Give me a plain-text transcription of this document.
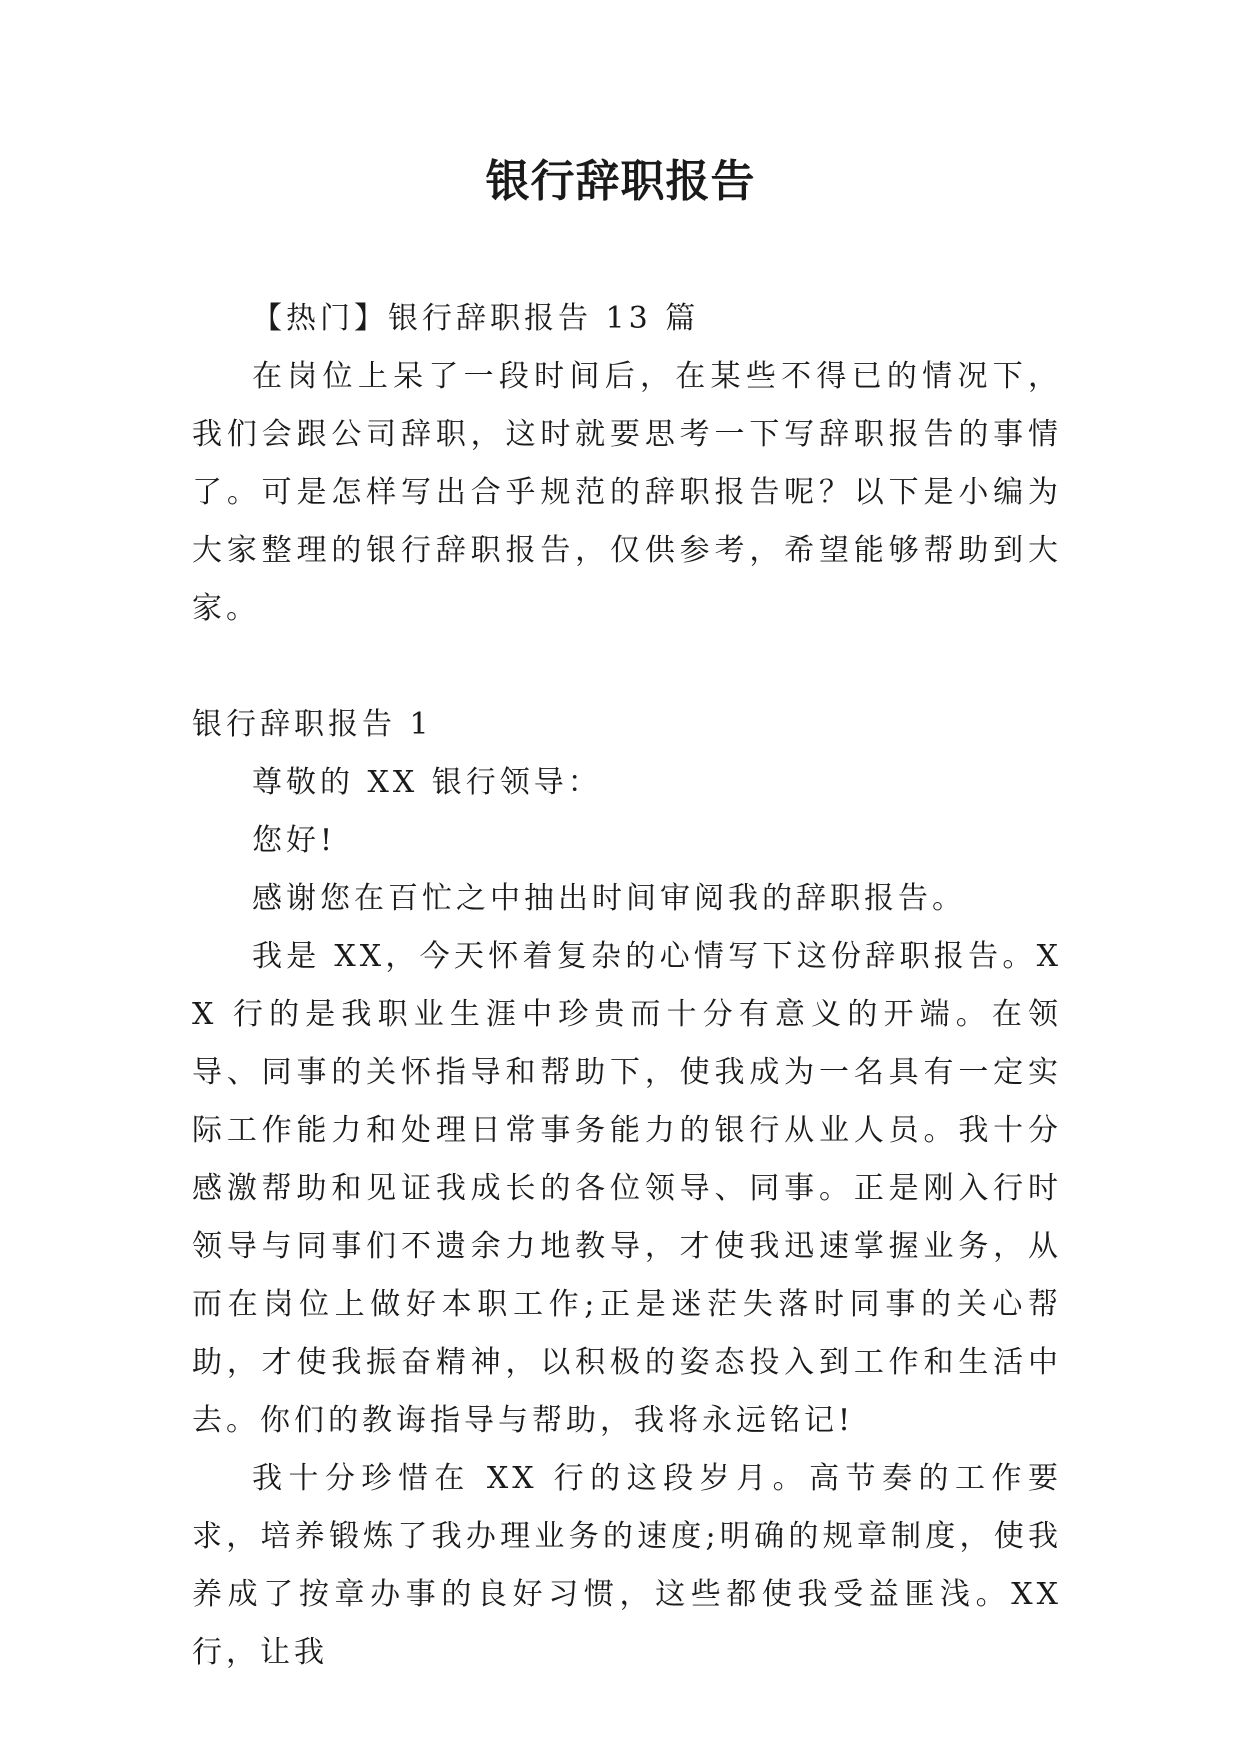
银行辞职报告

【热门】银行辞职报告 13 篇

在岗位上呆了一段时间后，在某些不得已的情况下，我们会跟公司辞职，这时就要思考一下写辞职报告的事情了。可是怎样写出合乎规范的辞职报告呢？以下是小编为大家整理的银行辞职报告，仅供参考，希望能够帮助到大家。

银行辞职报告 1

尊敬的 XX 银行领导：

您好!

感谢您在百忙之中抽出时间审阅我的辞职报告。

我是 XX，今天怀着复杂的心情写下这份辞职报告。XX 行的是我职业生涯中珍贵而十分有意义的开端。在领导、同事的关怀指导和帮助下，使我成为一名具有一定实际工作能力和处理日常事务能力的银行从业人员。我十分感激帮助和见证我成长的各位领导、同事。正是刚入行时领导与同事们不遗余力地教导，才使我迅速掌握业务，从而在岗位上做好本职工作;正是迷茫失落时同事的关心帮助，才使我振奋精神，以积极的姿态投入到工作和生活中去。你们的教诲指导与帮助，我将永远铭记!

我十分珍惜在 XX 行的这段岁月。高节奏的工作要求，培养锻炼了我办理业务的速度;明确的规章制度，使我养成了按章办事的良好习惯，这些都使我受益匪浅。XX 行，让我
